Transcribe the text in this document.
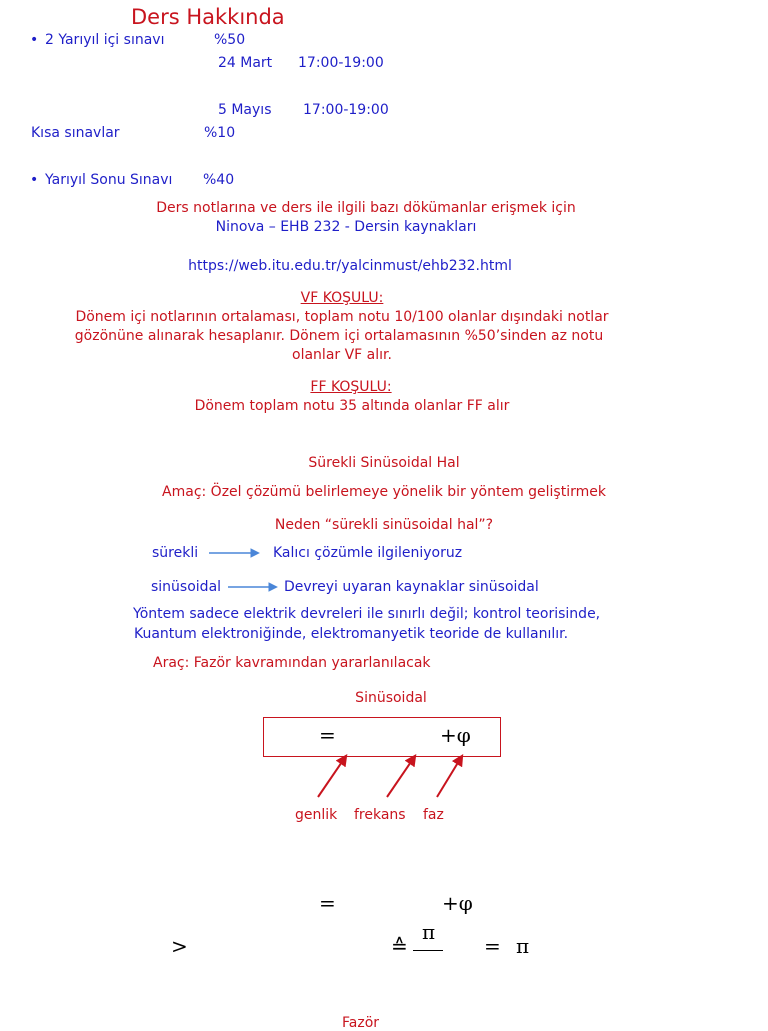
Ders Hakkında
• 2 Yarıyıl içi sınavı	%50
24 Mart 17:00-19:00
5 Mayıs 17:00-19:00
Kısa sınavlar	%10
• Yarıyıl Sonu Sınavı %40
Ders notlarına ve ders ile ilgili bazı dökümanlar erişmek için
Ninova – EHB 232 - Dersin kaynakları
https://web.itu.edu.tr/yalcinmust/ehb232.html
VF KOŞULU:
Dönem içi notlarının ortalaması, toplam notu 10/100 olanlar dışındaki notlar
gözönüne alınarak hesaplanır. Dönem içi ortalamasının %50’sinden az notu
olanlar VF alır.
FF KOŞULU:
Dönem toplam notu 35 altında olanlar FF alır
Sürekli Sinüsoidal Hal
Amaç: Özel çözümü belirlemeye yönelik bir yöntem geliştirmek
Neden “sürekli sinüsoidal hal”?
sürekli	Kalıcı çözümle ilgileniyoruz
sinüsoidal	Devreyi uyaran kaynaklar sinüsoidal
Yöntem sadece elektrik devreleri ile sınırlı değil; kontrol teorisinde,
Kuantum elektroniğinde, elektromanyetik teoride de kullanılır.
Araç: Fazör kavramından yararlanılacak
Sinüsoidal
=	+φ
genlik frekans faz
=	+φ
>	≙
π
= π
Fazör
